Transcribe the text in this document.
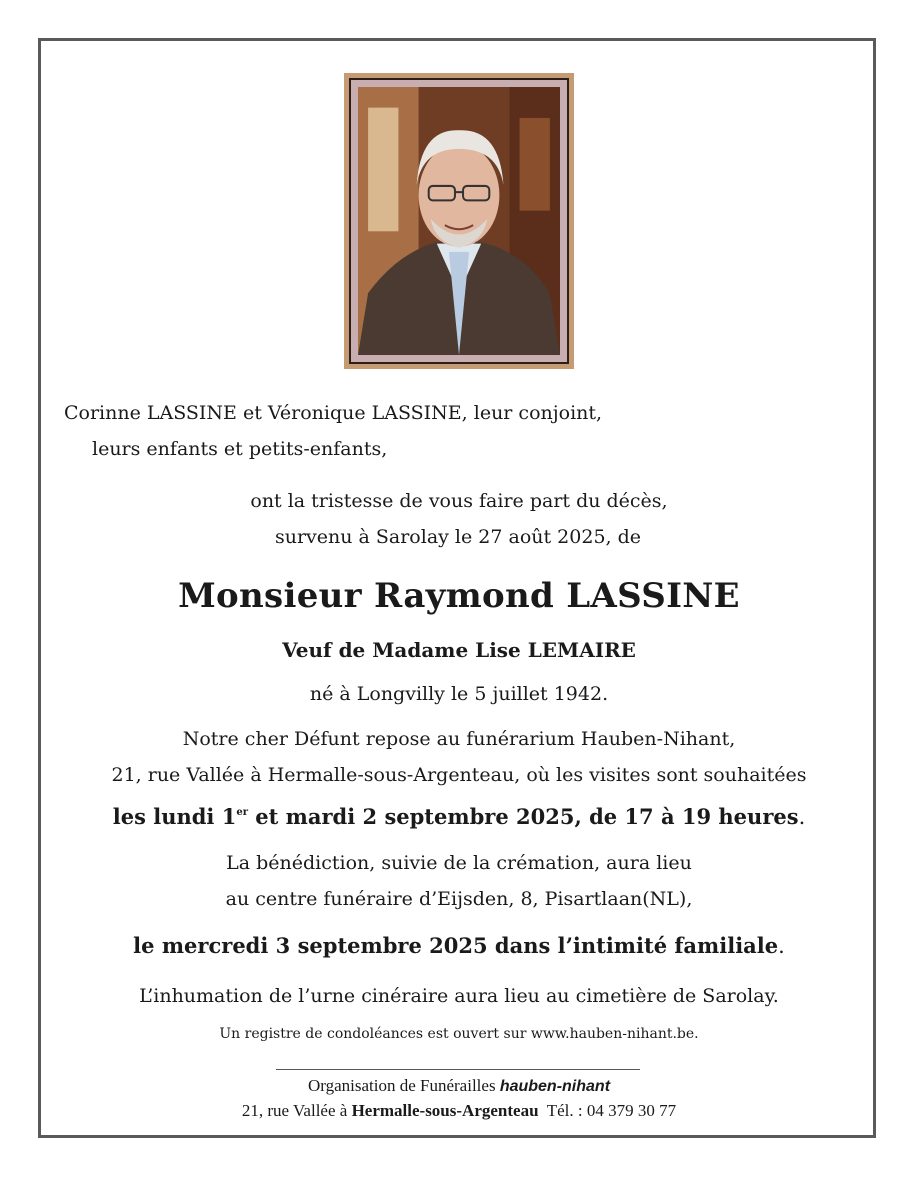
Corinne LASSINE et Véronique LASSINE, leur conjoint,
leurs enfants et petits-enfants,
ont la tristesse de vous faire part du décès,
survenu à Sarolay le 27 août 2025, de
Monsieur Raymond LASSINE
Veuf de Madame Lise LEMAIRE
né à Longvilly le 5 juillet 1942.
Notre cher Défunt repose au funérarium Hauben-Nihant,
21, rue Vallée à Hermalle-sous-Argenteau, où les visites sont souhaitées
les lundi 1er et mardi 2 septembre 2025, de 17 à 19 heures.
La bénédiction, suivie de la crémation, aura lieu
au centre funéraire d’Eijsden, 8, Pisartlaan(NL),
le mercredi 3 septembre 2025 dans l’intimité familiale.
L’inhumation de l’urne cinéraire aura lieu au cimetière de Sarolay.
Un registre de condoléances est ouvert sur www.hauben-nihant.be.
Organisation de Funérailles hauben-nihant
21, rue Vallée à Hermalle-sous-Argenteau  Tél. : 04 379 30 77
